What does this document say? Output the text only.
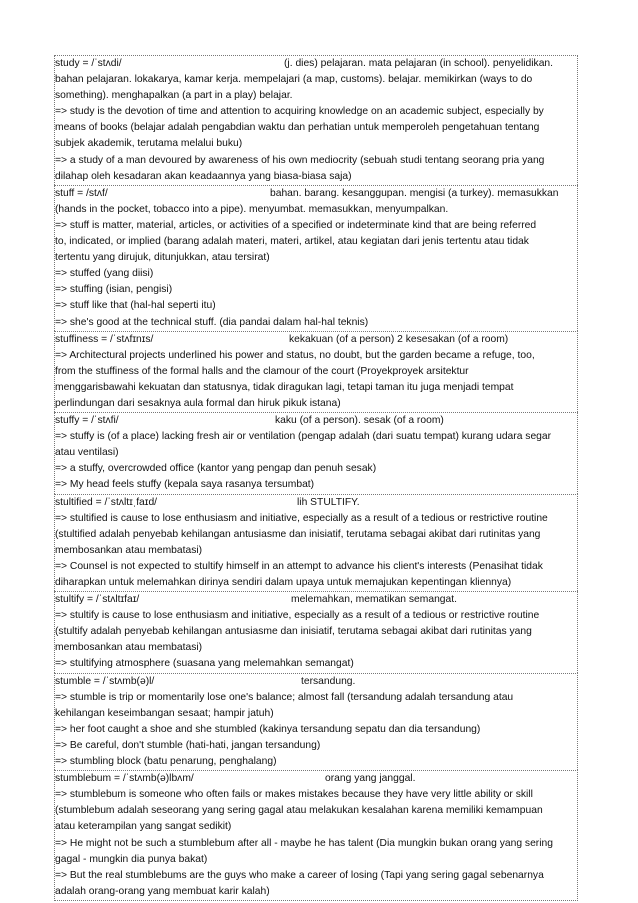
study = /ˈstʌdi/	(j. dies) pelajaran. mata pelajaran (in school). penyelidikan.
bahan pelajaran. lokakarya, kamar kerja. mempelajari (a map, customs). belajar. memikirkan (ways to do
something). menghapalkan (a part in a play) belajar.
=> study is the devotion of time and attention to acquiring knowledge on an academic subject, especially by
means of books (belajar adalah pengabdian waktu dan perhatian untuk memperoleh pengetahuan tentang
subjek akademik, terutama melalui buku)
=> a study of a man devoured by awareness of his own mediocrity (sebuah studi tentang seorang pria yang
dilahap oleh kesadaran akan keadaannya yang biasa-biasa saja)
stuff = /stʌf/	bahan. barang. kesanggupan. mengisi (a turkey). memasukkan
(hands in the pocket, tobacco into a pipe). menyumbat. memasukkan, menyumpalkan.
=> stuff is matter, material, articles, or activities of a specified or indeterminate kind that are being referred
to, indicated, or implied (barang adalah materi, materi, artikel, atau kegiatan dari jenis tertentu atau tidak
tertentu yang dirujuk, ditunjukkan, atau tersirat)
=> stuffed (yang diisi)
=> stuffing (isian, pengisi)
=> stuff like that (hal-hal seperti itu)
=> she's good at the technical stuff. (dia pandai dalam hal-hal teknis)
stuffiness = /ˈstʌfɪnɪs/	kekakuan (of a person) 2 kesesakan (of a room)
=> Architectural projects underlined his power and status, no doubt, but the garden became a refuge, too,
from the stuffiness of the formal halls and the clamour of the court (Proyekproyek arsitektur
menggarisbawahi kekuatan dan statusnya, tidak diragukan lagi, tetapi taman itu juga menjadi tempat
perlindungan dari sesaknya aula formal dan hiruk pikuk istana)
stuffy = /ˈstʌfi/	kaku (of a person). sesak (of a room)
=> stuffy is (of a place) lacking fresh air or ventilation (pengap adalah (dari suatu tempat) kurang udara segar
atau ventilasi)
=> a stuffy, overcrowded office (kantor yang pengap dan penuh sesak)
=> My head feels stuffy (kepala saya rasanya tersumbat)
stultified = /ˈstʌltɪˌfaɪd/	lih STULTIFY.
=> stultified is cause to lose enthusiasm and initiative, especially as a result of a tedious or restrictive routine
(stultified adalah penyebab kehilangan antusiasme dan inisiatif, terutama sebagai akibat dari rutinitas yang
membosankan atau membatasi)
=> Counsel is not expected to stultify himself in an attempt to advance his client's interests (Penasihat tidak
diharapkan untuk melemahkan dirinya sendiri dalam upaya untuk memajukan kepentingan kliennya)
stultify = /ˈstʌltɪfaɪ/	melemahkan, mematikan semangat.
=> stultify is cause to lose enthusiasm and initiative, especially as a result of a tedious or restrictive routine
(stultify adalah penyebab kehilangan antusiasme dan inisiatif, terutama sebagai akibat dari rutinitas yang
membosankan atau membatasi)
=> stultifying atmosphere (suasana yang melemahkan semangat)
stumble = /ˈstʌmb(ə)l/	tersandung.
=> stumble is trip or momentarily lose one's balance; almost fall (tersandung adalah tersandung atau
kehilangan keseimbangan sesaat; hampir jatuh)
=> her foot caught a shoe and she stumbled (kakinya tersandung sepatu dan dia tersandung)
=> Be careful, don't stumble (hati-hati, jangan tersandung)
=> stumbling block (batu penarung, penghalang)
stumblebum = /ˈstʌmb(ə)lbʌm/	orang yang janggal.
=> stumblebum is someone who often fails or makes mistakes because they have very little ability or skill
(stumblebum adalah seseorang yang sering gagal atau melakukan kesalahan karena memiliki kemampuan
atau keterampilan yang sangat sedikit)
=> He might not be such a stumblebum after all - maybe he has talent (Dia mungkin bukan orang yang sering
gagal - mungkin dia punya bakat)
=> But the real stumblebums are the guys who make a career of losing (Tapi yang sering gagal sebenarnya
adalah orang-orang yang membuat karir kalah)
